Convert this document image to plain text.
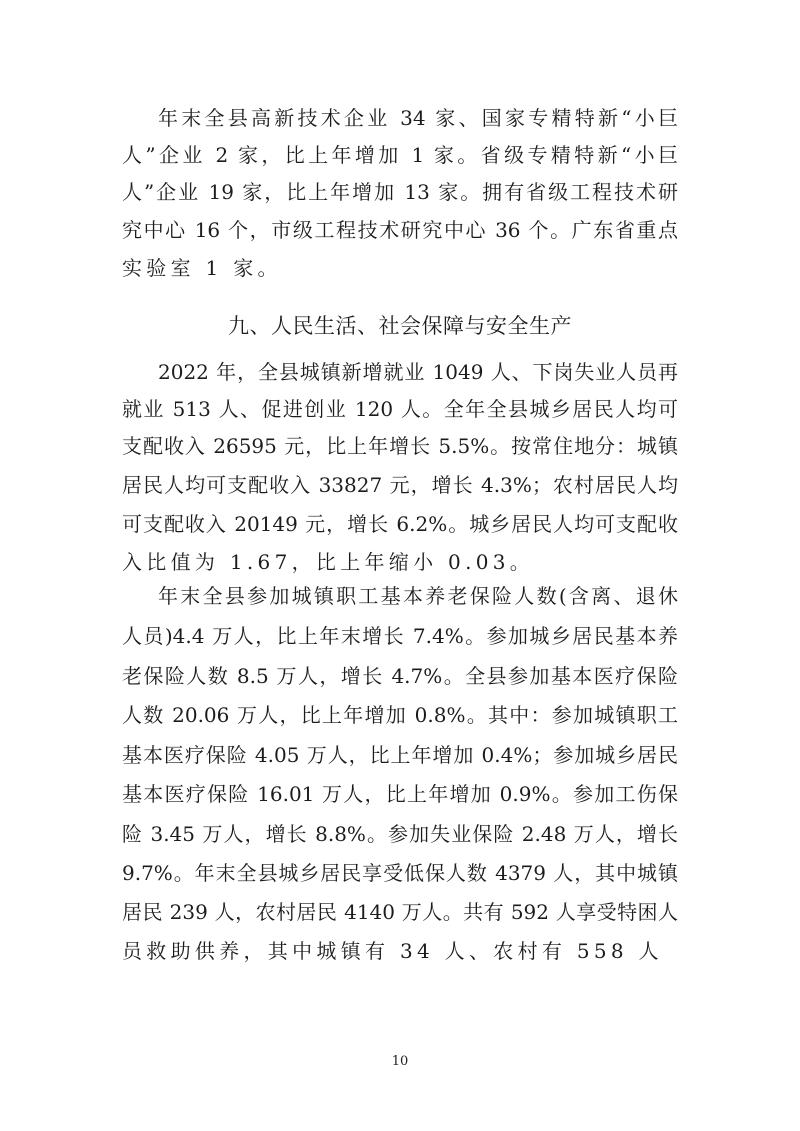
年末全县高新技术企业 34 家、国家专精特新“小巨
人”企业 2 家，比上年增加 1 家。省级专精特新“小巨
人”企业 19 家，比上年增加 13 家。拥有省级工程技术研
究中心 16 个，市级工程技术研究中心 36 个。广东省重点
实验室 1 家。
九、人民生活、社会保障与安全生产
2022 年，全县城镇新增就业 1049 人、下岗失业人员再
就业 513 人、促进创业 120 人。全年全县城乡居民人均可
支配收入 26595 元，比上年增长 5.5%。按常住地分：城镇
居民人均可支配收入 33827 元，增长 4.3%；农村居民人均
可支配收入 20149 元，增长 6.2%。城乡居民人均可支配收
入比值为 1.67，比上年缩小 0.03。
年末全县参加城镇职工基本养老保险人数(含离、退休
人员)4.4 万人，比上年末增长 7.4%。参加城乡居民基本养
老保险人数 8.5 万人，增长 4.7%。全县参加基本医疗保险
人数 20.06 万人，比上年增加 0.8%。其中：参加城镇职工
基本医疗保险 4.05 万人，比上年增加 0.4%；参加城乡居民
基本医疗保险 16.01 万人，比上年增加 0.9%。参加工伤保
险 3.45 万人，增长 8.8%。参加失业保险 2.48 万人，增长
9.7%。年末全县城乡居民享受低保人数 4379 人，其中城镇
居民 239 人，农村居民 4140 万人。共有 592 人享受特困人
员救助供养，其中城镇有 34 人、农村有 558 人
10
